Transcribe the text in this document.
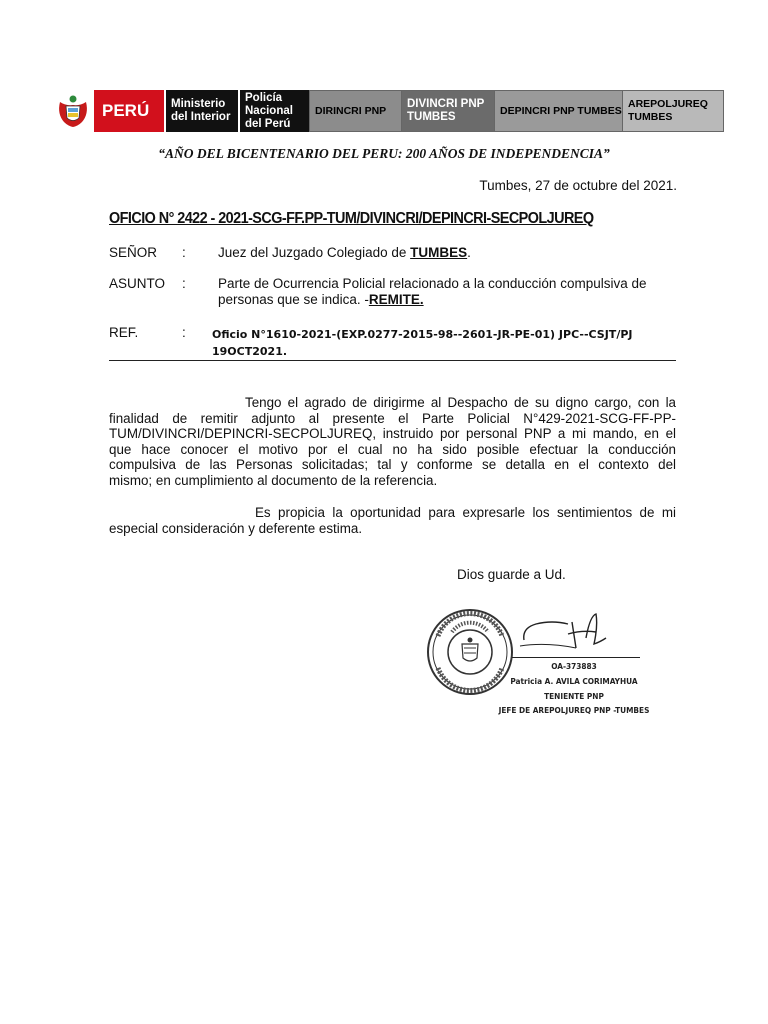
PERÚ	Ministerio del Interior
Policía Nacional del Perú
DIRINCRI PNP
DIVINCRI PNP TUMBES
DEPINCRI PNP TUMBES
AREPOLJUREQ TUMBES
“AÑO DEL BICENTENARIO DEL PERU: 200 AÑOS DE INDEPENDENCIA”
Tumbes, 27 de octubre del 2021.
OFICIO N° 2422 - 2021-SCG-FF.PP-TUM/DIVINCRI/DEPINCRI-SECPOLJUREQ
SEÑOR	: Juez del Juzgado Colegiado de TUMBES.
ASUNTO	: Parte de Ocurrencia Policial relacionado a la conducción compulsiva de
personas que se indica. -REMITE.
REF.	: Oficio N°1610-2021-(EXP.0277-2015-98--2601-JR-PE-01) JPC--CSJT/PJ
19OCT2021.
Tengo el agrado de dirigirme al Despacho de su digno cargo, con la
finalidad de remitir adjunto al presente el Parte Policial N°429-2021-SCG-FF-PP-
TUM/DIVINCRI/DEPINCRI-SECPOLJUREQ, instruido por personal PNP a mi mando, en el
que hace conocer el motivo por el cual no ha sido posible efectuar la conducción
compulsiva de las Personas solicitadas; tal y conforme se detalla en el contexto del
mismo; en cumplimiento al documento de la referencia.
Es propicia la oportunidad para expresarle los sentimientos de mi
especial consideración y deferente estima.
Dios guarde a Ud.
OA-373883
Patricia A. AVILA CORIMAYHUA
TENIENTE PNP
JEFE DE AREPOLJUREQ PNP -TUMBES
